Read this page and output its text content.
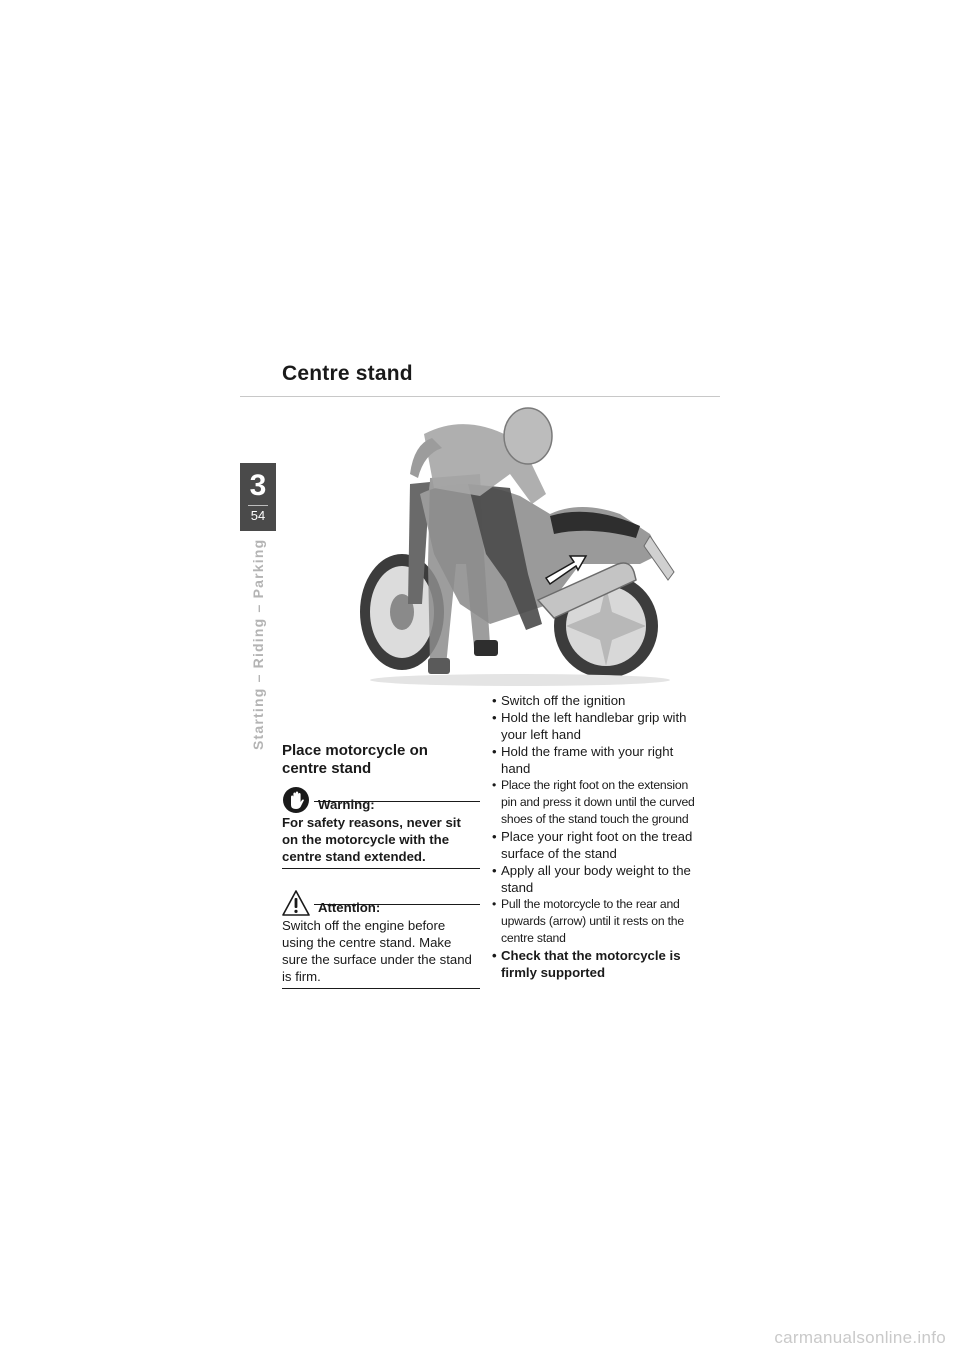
Centre stand
3
54
Starting – Riding – Parking
Place motorcycle on centre stand
Warning:
For safety reasons, never sit on the motorcycle with the centre stand extended.
Attention:
Switch off the engine before using the centre stand. Make sure the surface under the stand is firm.
• Switch off the ignition
• Hold the left handlebar grip with your left hand
• Hold the frame with your right hand
• Place the right foot on the extension pin and press it down until the curved shoes of the stand touch the ground
• Place your right foot on the tread surface of the stand
• Apply all your body weight to the stand
• Pull the motorcycle to the rear and upwards (arrow) until it rests on the centre stand
• Check that the motorcycle is firmly supported
carmanualsonline.info
